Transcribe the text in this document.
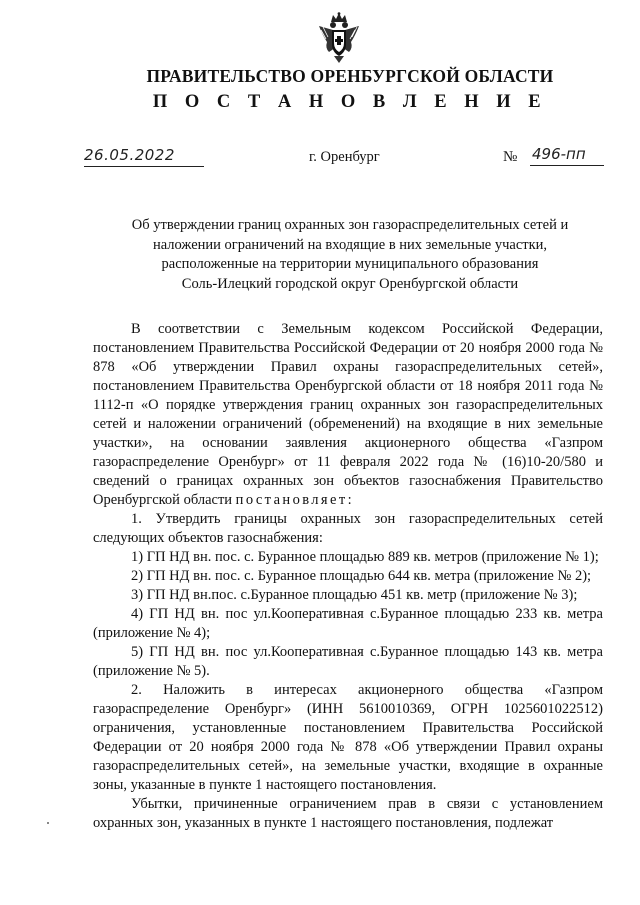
ПРАВИТЕЛЬСТВО ОРЕНБУРГСКОЙ ОБЛАСТИ
П О С Т А Н О В Л Е Н И Е
26.05.2022	г. Оренбург	№ 496-пп
Об утверждении границ охранных зон газораспределительных сетей и
наложении ограничений на входящие в них земельные участки,
расположенные на территории муниципального образования
Соль-Илецкий городской округ Оренбургской области

В соответствии с Земельным кодексом Российской Федерации, постановлением Правительства Российской Федерации от 20 ноября 2000 года № 878 «Об утверждении Правил охраны газораспределительных сетей», постановлением Правительства Оренбургской области от 18 ноября 2011 года № 1112-п «О порядке утверждения границ охранных зон газораспределительных сетей и наложении ограничений (обременений) на входящие в них земельные участки», на основании заявления акционерного общества «Газпром газораспределение Оренбург» от 11 февраля 2022 года № (16)10-20/580 и сведений о границах охранных зон объектов газоснабжения Правительство Оренбургской области постановляет:

1. Утвердить границы охранных зон газораспределительных сетей следующих объектов газоснабжения:

1) ГП НД вн. пос. с. Буранное площадью 889 кв. метров (приложение № 1);

2) ГП НД вн. пос. с. Буранное площадью 644 кв. метра (приложение № 2);

3) ГП НД вн.пос. с.Буранное площадью 451 кв. метр (приложение № 3);

4) ГП НД вн. пос ул.Кооперативная с.Буранное площадью 233 кв. метра (приложение № 4);

5) ГП НД вн. пос ул.Кооперативная с.Буранное площадью 143 кв. метра (приложение № 5).

2. Наложить в интересах акционерного общества «Газпром газораспределение Оренбург» (ИНН 5610010369, ОГРН 1025601022512) ограничения, установленные постановлением Правительства Российской Федерации от 20 ноября 2000 года № 878 «Об утверждении Правил охраны газораспределительных сетей», на земельные участки, входящие в охранные зоны, указанные в пункте 1 настоящего постановления.

Убытки, причиненные ограничением прав в связи с установлением охранных зон, указанных в пункте 1 настоящего постановления, подлежат
